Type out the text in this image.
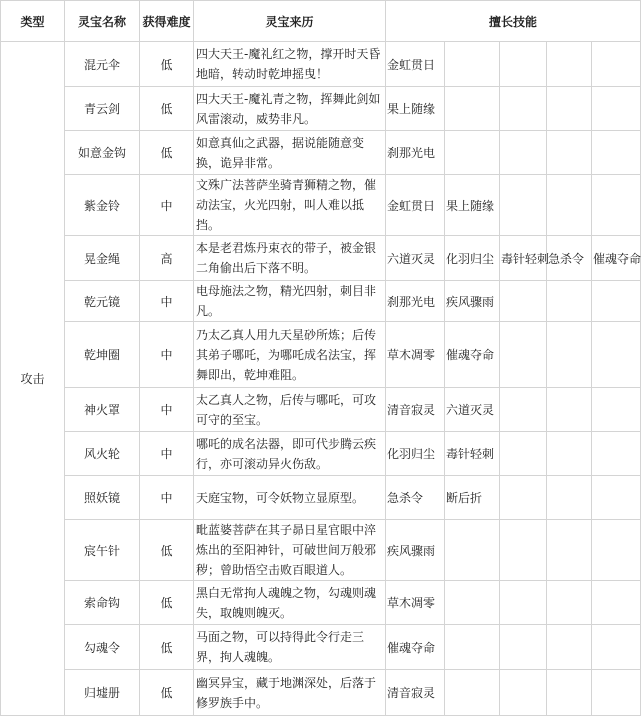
类型	灵宝名称	获得难度	灵宝来历	擅长技能				
攻击	混元伞	低	四大天王-魔礼红之物，撑开时天昏地暗，转动时乾坤摇曳！	金虹贯日				
	青云剑	低	四大天王-魔礼青之物，挥舞此剑如风雷滚动，威势非凡。	果上随缘				
	如意金钩	低	如意真仙之武器，据说能随意变换，诡异非常。	刹那光电				
	紫金铃	中	文殊广法菩萨坐骑青狮精之物，催动法宝，火光四射，叫人难以抵挡。	金虹贯日	果上随缘			
	晃金绳	高	本是老君炼丹束衣的带子，被金银二角偷出后下落不明。	六道灭灵	化羽归尘	毒针轻刺	急杀令	催魂夺命
	乾元镜	中	电母施法之物，精光四射，刺目非凡。	刹那光电	疾风骤雨			
	乾坤圈	中	乃太乙真人用九天星砂所炼；后传其弟子哪吒，为哪吒成名法宝，挥舞即出，乾坤难阻。	草木凋零	催魂夺命			
	神火罩	中	太乙真人之物，后传与哪吒，可攻可守的至宝。	清音寂灵	六道灭灵			
	风火轮	中	哪吒的成名法器，即可代步腾云疾行，亦可滚动异火伤敌。	化羽归尘	毒针轻刺			
	照妖镜	中	天庭宝物，可令妖物立显原型。	急杀令	断后折			
	宸午针	低	毗蓝婆菩萨在其子昴日星官眼中淬炼出的至阳神针，可破世间万般邪秽；曾助悟空击败百眼道人。	疾风骤雨				
	索命钩	低	黑白无常拘人魂魄之物，勾魂则魂失，取魄则魄灭。	草木凋零				
	勾魂令	低	马面之物，可以持得此令行走三界，拘人魂魄。	催魂夺命				
	归墟册	低	幽冥异宝，藏于地渊深处，后落于修罗族手中。	清音寂灵				
